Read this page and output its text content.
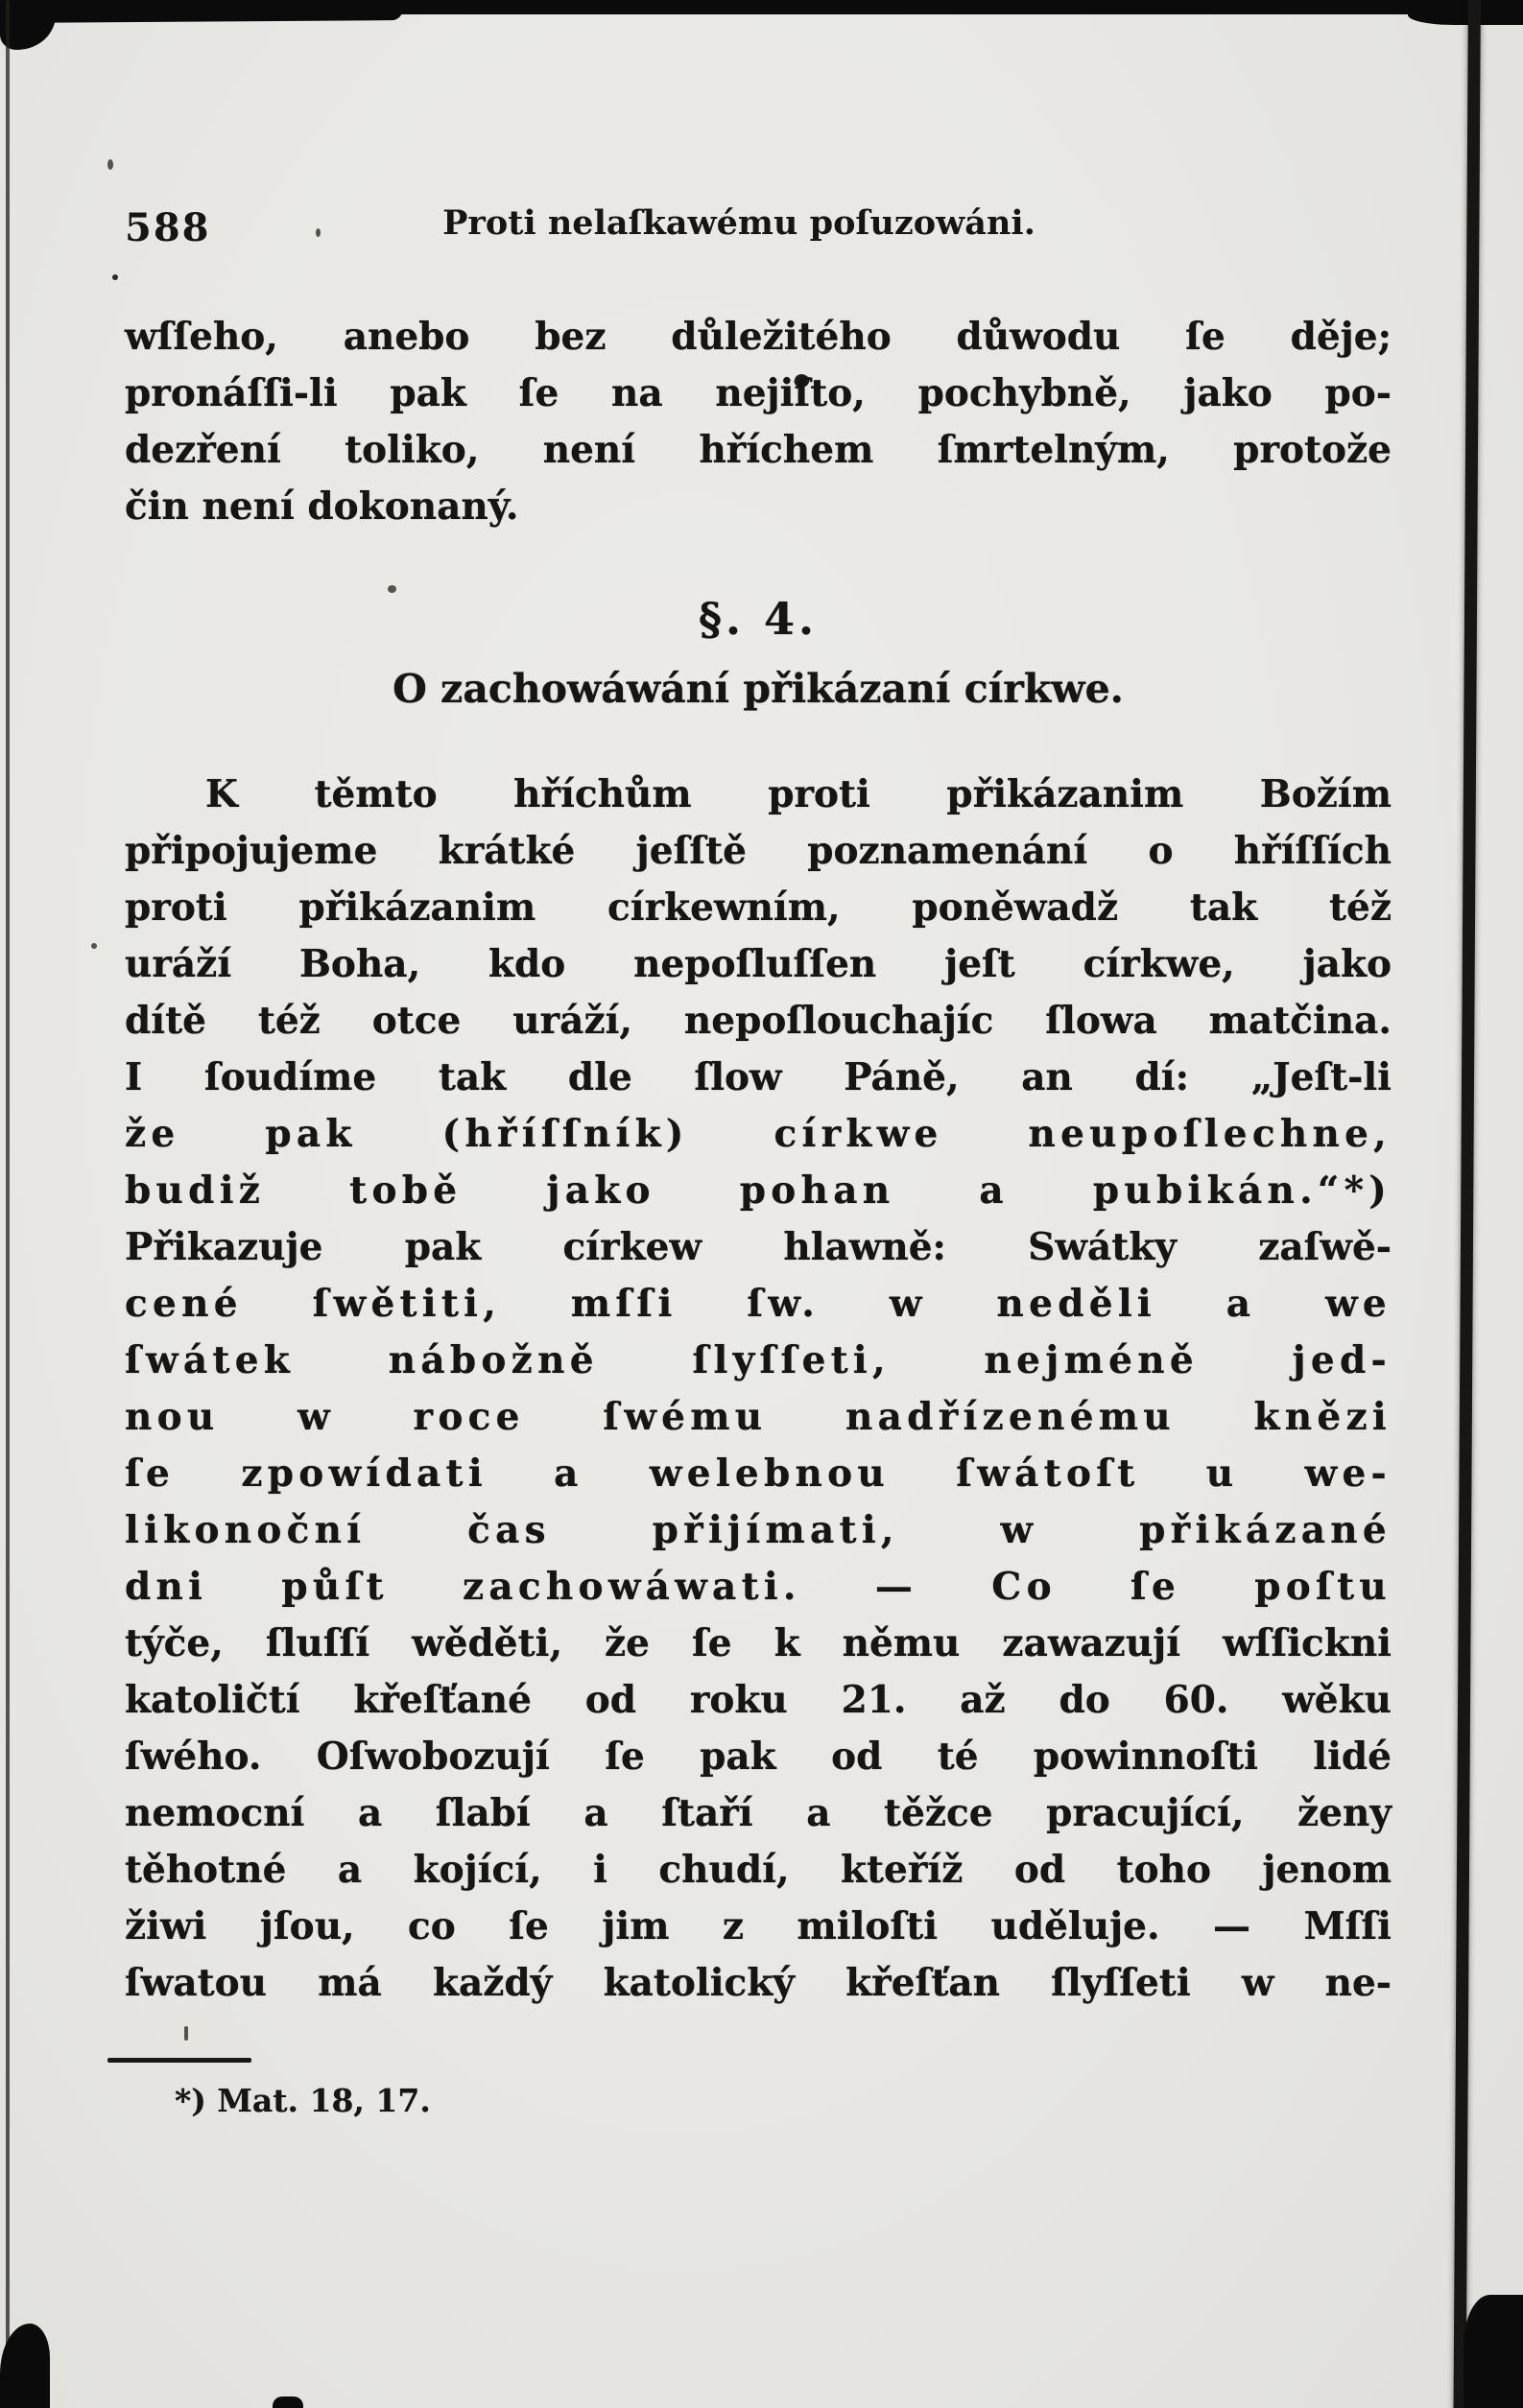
588	Proti nelaſkawému poſuzowáni.
wſſeho, anebo bez důležitého důwodu ſe děje;
pronáſſi-li pak ſe na nejiſto, pochybně, jako po-
dezření toliko, není hříchem ſmrtelným, protože
čin není dokonaný.
§. 4.
O zachowáwání přikázaní církwe.
K těmto hříchům proti přikázanim Božím
připojujeme krátké jeſſtě poznamenání o hříſſích
proti přikázanim církewním, poněwadž tak též
uráží Boha, kdo nepoſluſſen jeſt církwe, jako
dítě též otce uráží, nepoſlouchajíc ſlowa matčina.
I ſoudíme tak dle ſlow Páně, an dí: „Jeſt-li
že pak (hříſſník) církwe neupoſlechne,
budiž tobě jako pohan a pubikán.“*)
Přikazuje pak církew hlawně: Swátky zaſwě-
cené ſwětiti, mſſi ſw. w neděli a we
ſwátek nábožně ſlyſſeti, nejméně jed-
nou w roce ſwému nadřízenému knězi
ſe zpowídati a welebnou ſwátoſt u we-
likonoční čas přijímati, w přikázané
dni půſt zachowáwati. — Co ſe poſtu
týče, ſluſſí wěděti, že ſe k němu zawazují wſſickni
katoličtí křeſťané od roku 21. až do 60. wěku
ſwého. Oſwobozují ſe pak od té powinnoſti lidé
nemocní a ſlabí a ſtaří a těžce pracující, ženy
těhotné a kojící, i chudí, kteříž od toho jenom
žiwi jſou, co ſe jim z miloſti uděluje. — Mſſi
ſwatou má každý katolický křeſťan ſlyſſeti w ne-
*) Mat. 18, 17.
